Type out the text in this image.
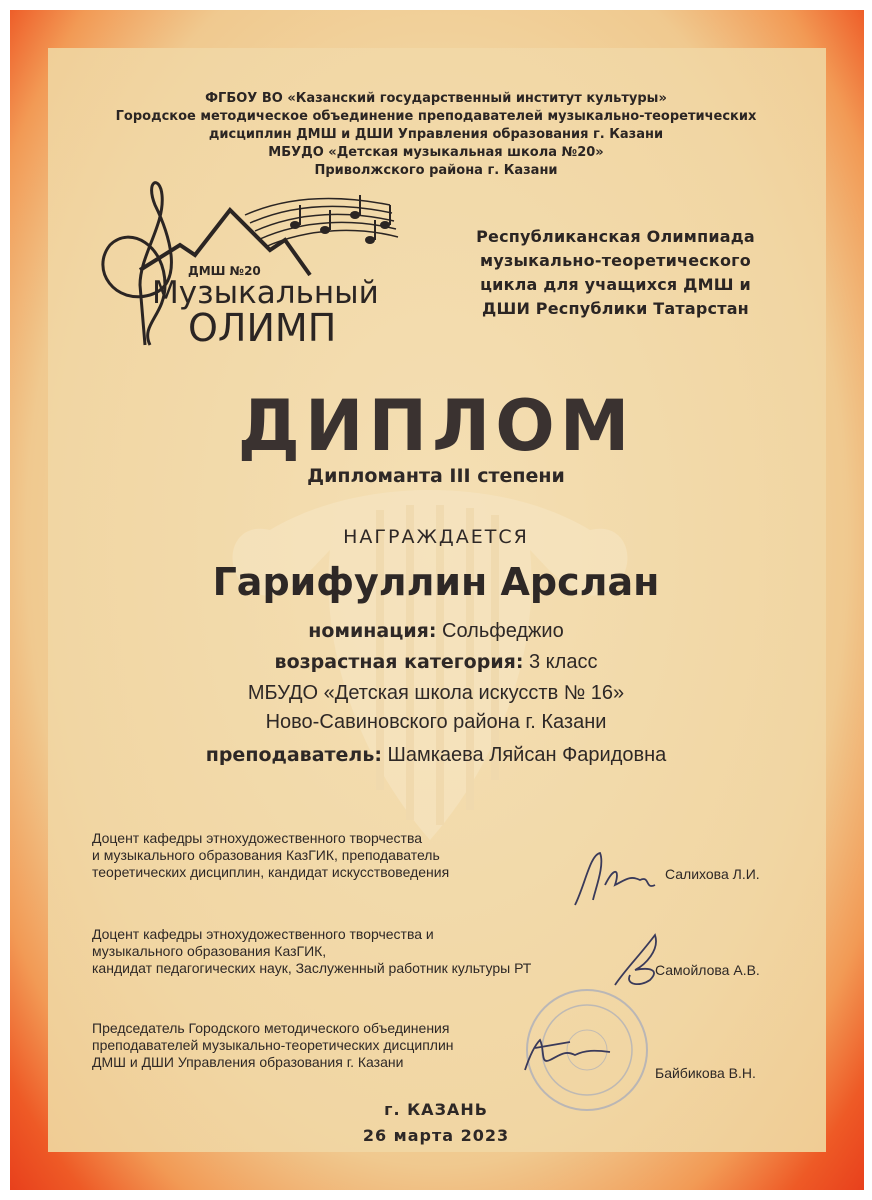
ФГБОУ ВО «Казанский государственный институт культуры»
Городское методическое объединение преподавателей музыкально-теоретических
дисциплин ДМШ и ДШИ Управления образования г. Казани
МБУДО «Детская музыкальная школа №20»
Приволжского района г. Казани
ДМШ №20
Музыкальный
ОЛИМП
Республиканская Олимпиада
музыкально-теоретического
цикла для учащихся ДМШ и
ДШИ Республики Татарстан
ДИПЛОМ
Дипломанта III степени
НАГРАЖДАЕТСЯ
Гарифуллин Арслан
номинация: Сольфеджио
возрастная категория: 3 класс
МБУДО «Детская школа искусств № 16»
Ново-Савиновского района г. Казани
преподаватель: Шамкаева Ляйсан Фаридовна
Доцент кафедры этнохудожественного творчества
и музыкального образования КазГИК, преподаватель
теоретических дисциплин, кандидат искусствоведения	Салихова Л.И.
Доцент кафедры этнохудожественного творчества и
музыкального образования КазГИК,
кандидат педагогических наук, Заслуженный работник культуры РТ	Самойлова А.В.
Председатель Городского методического объединения
преподавателей музыкально-теоретических дисциплин
ДМШ и ДШИ Управления образования г. Казани
Байбикова В.Н.
г. КАЗАНЬ
26 марта 2023
